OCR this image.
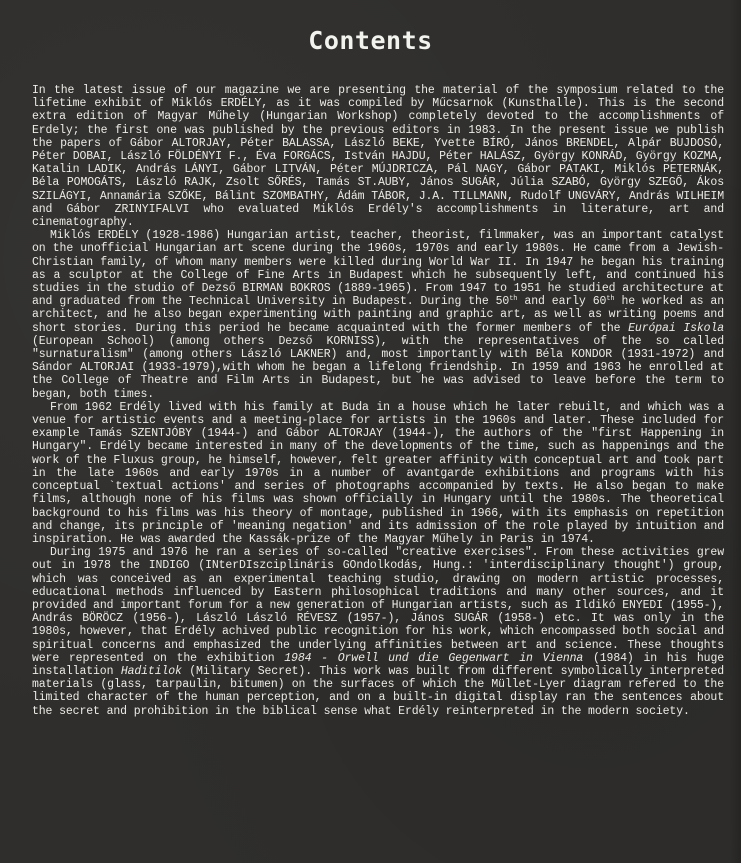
Contents

In the latest issue of our magazine we are presenting the material of the symposium related to the lifetime exhibit of Miklós ERDÉLY, as it was compiled by Műcsarnok (Kunsthalle). This is the second extra edition of Magyar Műhely (Hungarian Workshop) completely devoted to the accomplishments of Erdely; the first one was published by the previous editors in 1983. In the present issue we publish the papers of Gábor ALTORJAY, Péter BALASSA, László BEKE, Yvette BÍRÓ, János BRENDEL, Alpár BUJDOSÓ, Péter DOBAI, László FÖLDÉNYI F., Éva FORGÁCS, István HAJDU, Péter HALÁSZ, György KONRÁD, György KOZMA, Katalin LADIK, András LÁNYI, Gábor LITVÁN, Péter MÚJDRICZA, Pál NAGY, Gábor PATAKI, Miklós PETERNÁK, Béla POMOGÁTS, László RAJK, Zsolt SŐRÉS, Tamás ST.AUBY, János SUGÁR, Júlia SZABÓ, György SZEGŐ, Ákos SZILÁGYI, Annamária SZŐKE, Bálint SZOMBATHY, Ádám TÁBOR, J.A. TILLMANN, Rudolf UNGVÁRY, András WILHEIM and Gábor ZRINYIFALVI who evaluated Miklós Erdély's accomplishments in literature, art and cinematography.

Miklós ERDÉLY (1928-1986) Hungarian artist, teacher, theorist, filmmaker, was an important catalyst on the unofficial Hungarian art scene during the 1960s, 1970s and early 1980s. He came from a Jewish-Christian family, of whom many members were killed during World War II. In 1947 he began his training as a sculptor at the College of Fine Arts in Budapest which he subsequently left, and continued his studies in the studio of Dezső BIRMAN BOKROS (1889-1965). From 1947 to 1951 he studied architecture at and graduated from the Technical University in Budapest. During the 50th and early 60th he worked as an architect, and he also began experimenting with painting and graphic art, as well as writing poems and short stories. During this period he became acquainted with the former members of the Európai Iskola (European School) (among others Dezső KORNISS), with the representatives of the so called "surnaturalism" (among others László LAKNER) and, most importantly with Béla KONDOR (1931-1972) and Sándor ALTORJAI (1933-1979),with whom he began a lifelong friendship. In 1959 and 1963 he enrolled at the College of Theatre and Film Arts in Budapest, but he was advised to leave before the term to began, both times.

From 1962 Erdély lived with his family at Buda in a house which he later rebuilt, and which was a venue for artistic events and a meeting-place for artists in the 1960s and later. These included for example Tamás SZENTJÓBY (1944-) and Gábor ALTORJAY (1944-), the authors of the "first Happening in Hungary". Erdély became interested in many of the developments of the time, such as happenings and the work of the Fluxus group, he himself, however, felt greater affinity with conceptual art and took part in the late 1960s and early 1970s in a number of avantgarde exhibitions and programs with his conceptual `textual actions' and series of photographs accompanied by texts. He also began to make films, although none of his films was shown officially in Hungary until the 1980s. The theoretical background to his films was his theory of montage, published in 1966, with its emphasis on repetition and change, its principle of 'meaning negation' and its admission of the role played by intuition and inspiration. He was awarded the Kassák-prize of the Magyar Műhely in Paris in 1974.

During 1975 and 1976 he ran a series of so-called "creative exercises". From these activities grew out in 1978 the INDIGO (INterDIszciplináris GOndolkodás, Hung.: 'interdisciplinary thought') group, which was conceived as an experimental teaching studio, drawing on modern artistic processes, educational methods influenced by Eastern philosophical traditions and many other sources, and it provided and important forum for a new generation of Hungarian artists, such as Ildikó ENYEDI (1955-), András BÖRÖCZ (1956-), László László RÉVESZ (1957-), János SUGÁR (1958-) etc. It was only in the 1980s, however, that Erdély achived public recognition for his work, which encompassed both social and spiritual concerns and emphasized the underlying affinities between art and science. These thoughts were represented on the exhibition 1984 - Orwell und die Gegenwart in Vienna (1984) in his huge installation Haditilok (Military Secret). This work was built from different symbolically interpreted materials (glass, tarpaulin, bitumen) on the surfaces of which the Müllet-Lyer diagram refered to the limited character of the human perception, and on a built-in digital display ran the sentences about the secret and prohibition in the biblical sense what Erdély reinterpreted in the modern society.
